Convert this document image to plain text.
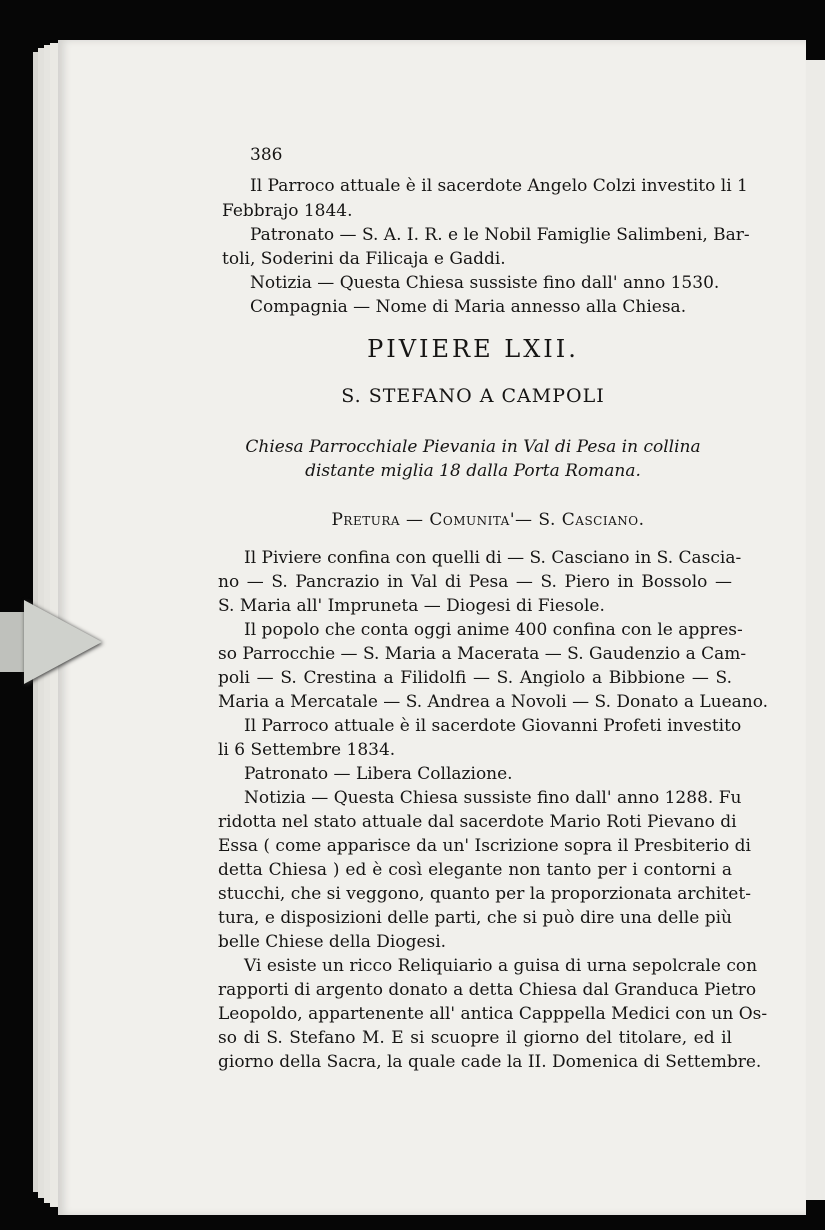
386
Il Parroco attuale è il sacerdote Angelo Colzi investito li 1
Febbrajo 1844.
Patronato — S. A. I. R. e le Nobil Famiglie Salimbeni, Bar-
toli, Soderini da Filicaja e Gaddi.
Notizia — Questa Chiesa sussiste fino dall' anno 1530.
Compagnia — Nome di Maria annesso alla Chiesa.
PIVIERE LXII.
S. STEFANO A CAMPOLI
Chiesa Parrocchiale Pievania in Val di Pesa in collina
distante miglia 18 dalla Porta Romana.
Pretura — Comunita'— S. Casciano.
Il Piviere confina con quelli di — S. Casciano in S. Cascia-
no — S. Pancrazio in Val di Pesa — S. Piero in Bossolo —
S. Maria all' Impruneta — Diogesi di Fiesole.
Il popolo che conta oggi anime 400 confina con le appres-
so Parrocchie — S. Maria a Macerata — S. Gaudenzio a Cam-
poli — S. Crestina a Filidolfi — S. Angiolo a Bibbione — S.
Maria a Mercatale — S. Andrea a Novoli — S. Donato a Lueano.
Il Parroco attuale è il sacerdote Giovanni Profeti investito
li 6 Settembre 1834.
Patronato — Libera Collazione.
Notizia — Questa Chiesa sussiste fino dall' anno 1288. Fu
ridotta nel stato attuale dal sacerdote Mario Roti Pievano di
Essa ( come apparisce da un' Iscrizione sopra il Presbiterio di
detta Chiesa ) ed è così elegante non tanto per i contorni a
stucchi, che si veggono, quanto per la proporzionata architet-
tura, e disposizioni delle parti, che si può dire una delle più
belle Chiese della Diogesi.
Vi esiste un ricco Reliquiario a guisa di urna sepolcrale con
rapporti di argento donato a detta Chiesa dal Granduca Pietro
Leopoldo, appartenente all' antica Capppella Medici con un Os-
so di S. Stefano M. E si scuopre il giorno del titolare, ed il
giorno della Sacra, la quale cade la II. Domenica di Settembre.
